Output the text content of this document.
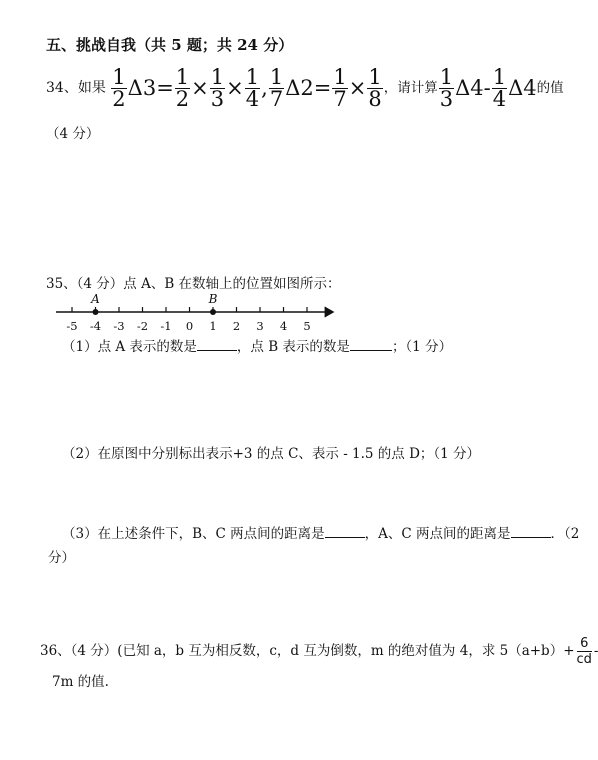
五、挑战自我（共 5 题；共 24 分）
34、如果 $\frac{1}{2} \Delta 3= \frac{1}{2} \times \frac{1}{3} \times \frac{1}{4}$ , $\frac{1}{7} \Delta 2= \frac{1}{7} \times \frac{1}{8}$ ，请计算 $\frac{1}{3} \Delta 4- \frac{1}{4} \Delta 4$的值
（4 分）
35、（4 分）点 A、B 在数轴上的位置如图所示：
-5 -4 -3 -2 -1 0 1 2 3 4 5
A	B
（1）点 A 表示的数是	，点 B 表示的数是	；（1 分）
（2）在原图中分别标出表示+3 的点 C、表示 - 1.5 的点 D；（1 分）
（3）在上述条件下，B、C 两点间的距离是	，A、C 两点间的距离是	．（2
分）
36、（4 分）(已知 a，b 互为相反数，c，d 互为倒数，m 的绝对值为 4，求 $5(a+b)+ \frac{6}{cd}$
7m 的值.
